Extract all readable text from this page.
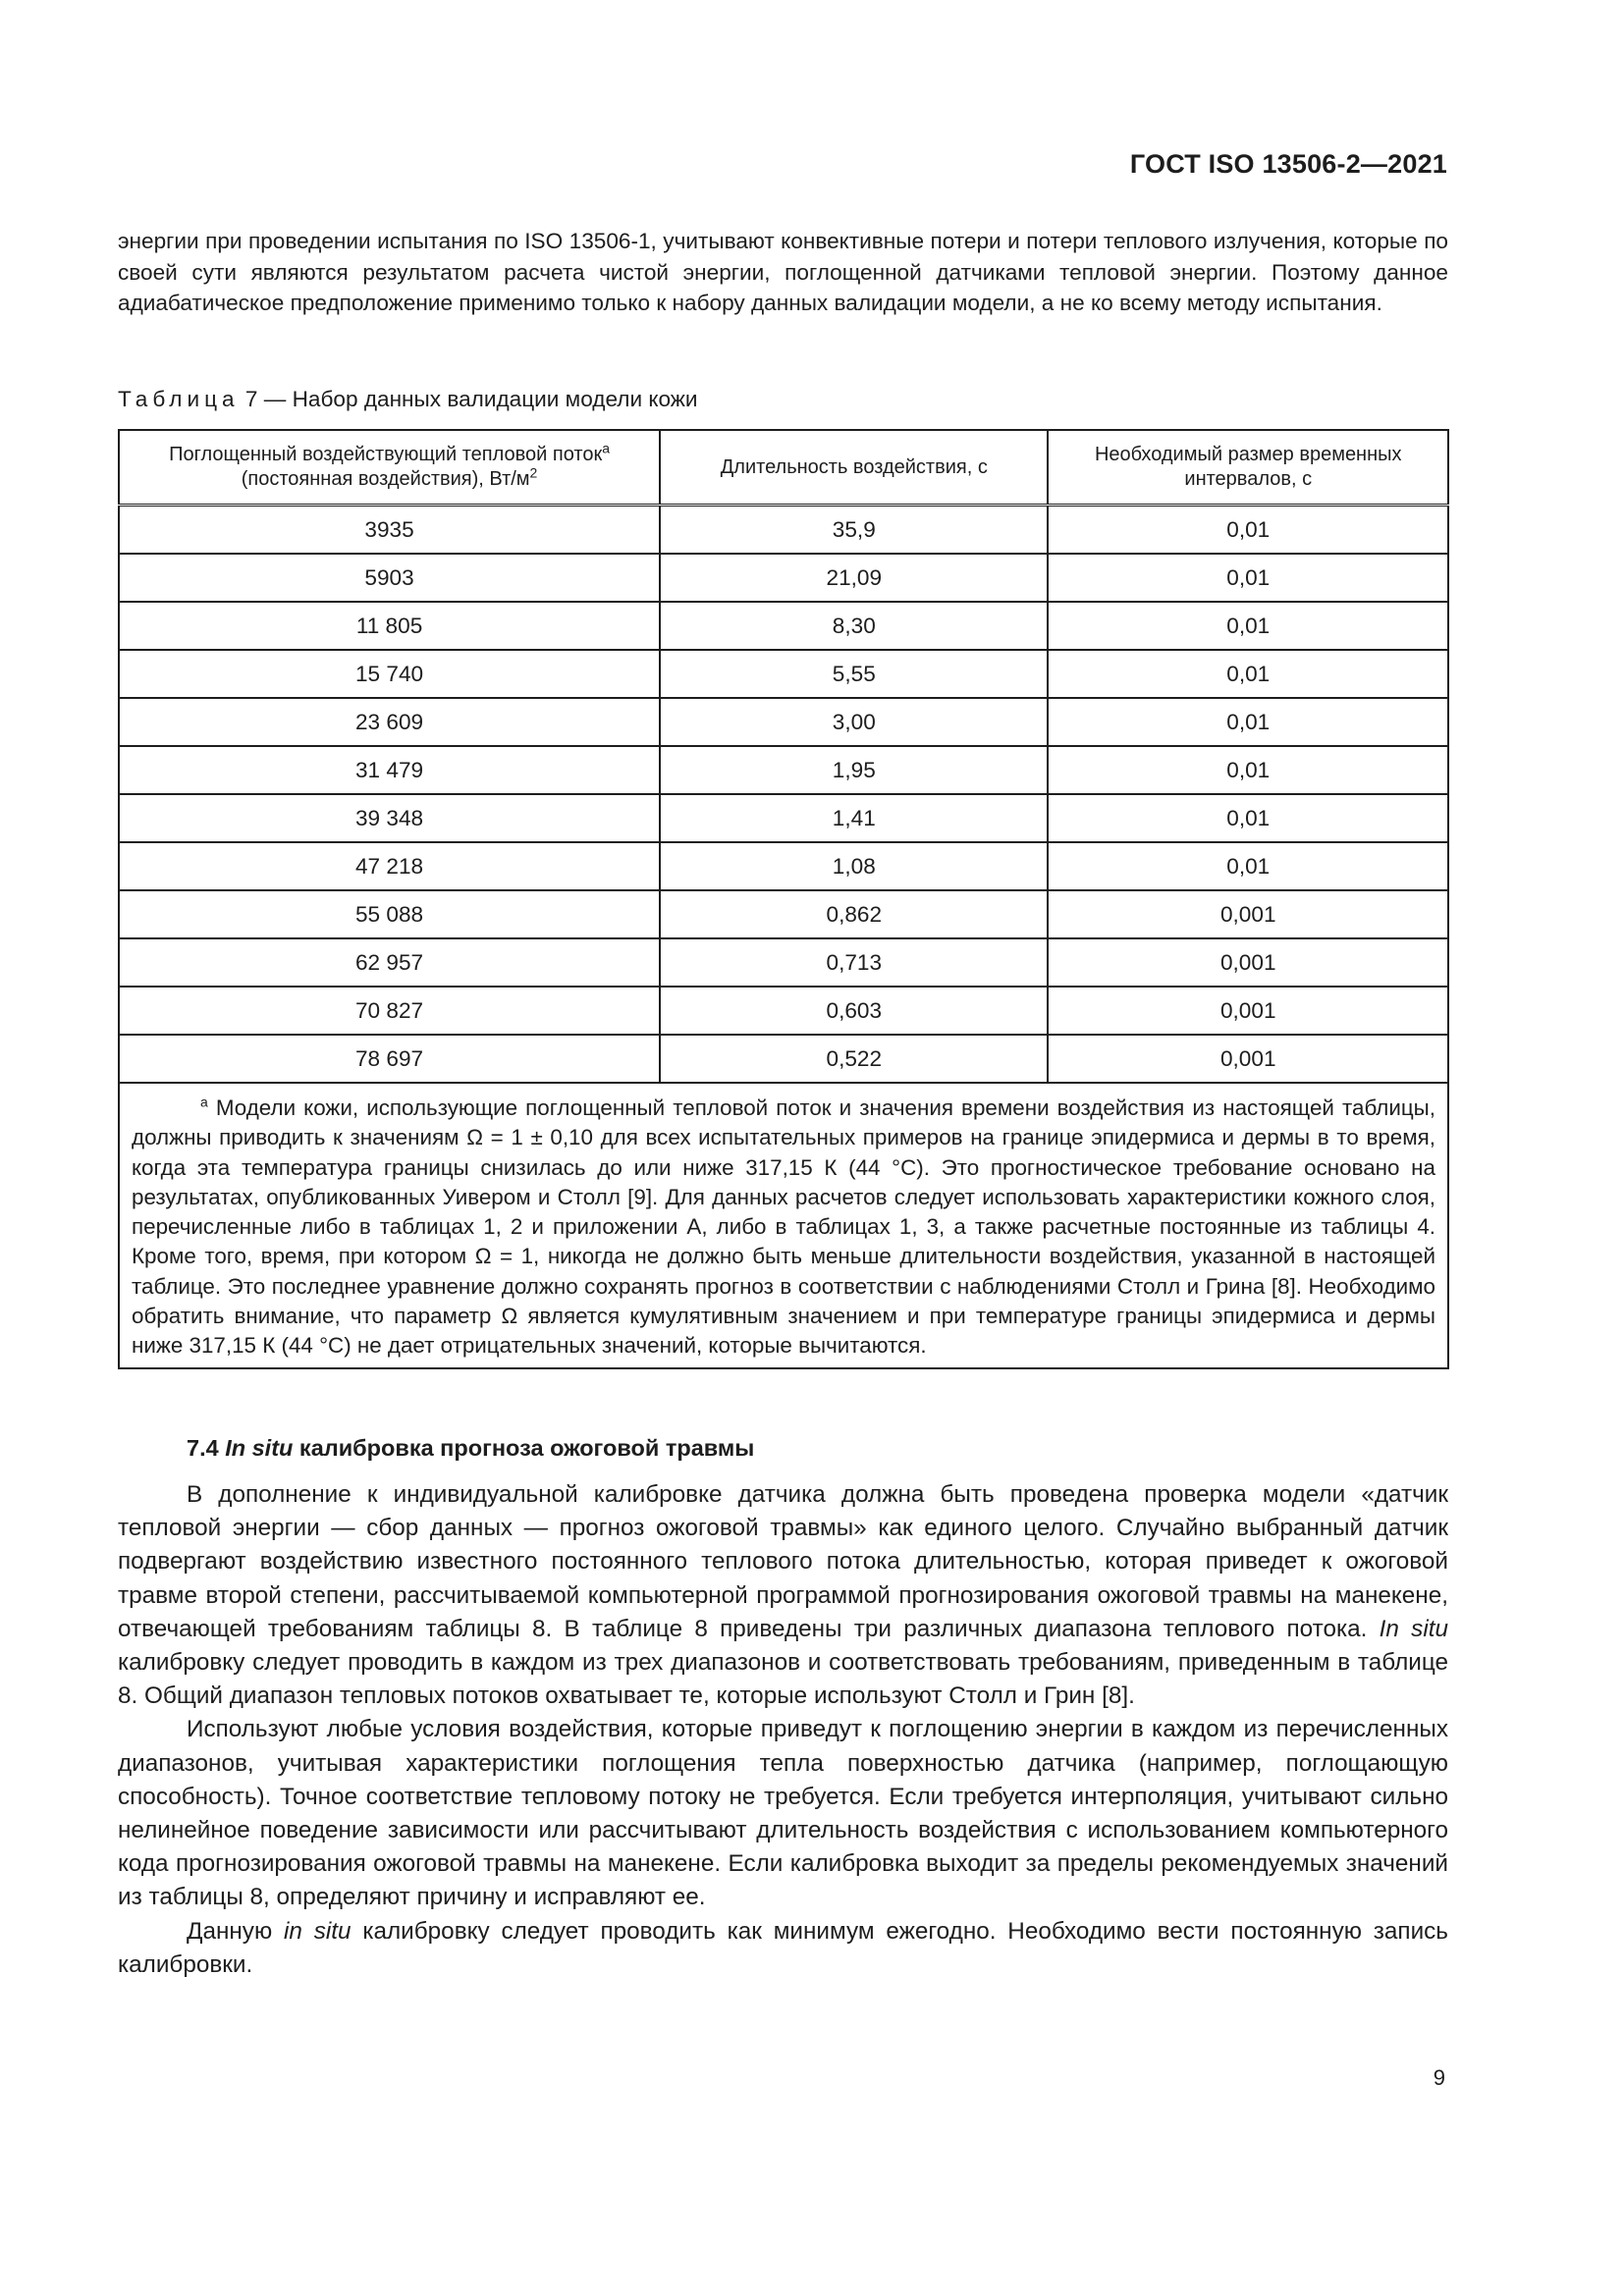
ГОСТ ISO 13506-2—2021

энергии при проведении испытания по ISO 13506-1, учитывают конвективные потери и потери теплового излучения, которые по своей сути являются результатом расчета чистой энергии, поглощенной датчиками тепловой энергии. Поэтому данное адиабатическое предположение применимо только к набору данных валидации модели, а не ко всему методу испытания.

Таблица 7 — Набор данных валидации модели кожи
Поглощенный воздействующий тепловой поток$^a$
(постоянная воздействия), $Вт/м^2$	Длительность воздействия, с	Необходимый размер временных интервалов, с
3935	35,9	0,01
5903	21,09	0,01
11 805	8,30	0,01
15 740	5,55	0,01
23 609	3,00	0,01
31 479	1,95	0,01
39 348	1,41	0,01
47 218	1,08	0,01
55 088	0,862	0,001
62 957	0,713	0,001
70 827	0,603	0,001
78 697	0,522	0,001
$^a$ Модели кожи, использующие поглощенный тепловой поток и значения времени воздействия из настоящей таблицы, должны приводить к значениям Ω = 1 ± 0,10 для всех испытательных примеров на границе эпидермиса и дермы в то время, когда эта температура границы снизилась до или ниже 317,15 К (44 °С). Это прогностическое требование основано на результатах, опубликованных Уивером и Столл [9]. Для данных расчетов следует использовать характеристики кожного слоя, перечисленные либо в таблицах 1, 2 и приложении А, либо в таблицах 1, 3, а также расчетные постоянные из таблицы 4. Кроме того, время, при котором Ω = 1, никогда не должно быть меньше длительности воздействия, указанной в настоящей таблице. Это последнее уравнение должно сохранять прогноз в соответствии с наблюдениями Столл и Грина [8]. Необходимо обратить внимание, что параметр Ω является кумулятивным значением и при температуре границы эпидермиса и дермы ниже 317,15 К (44 °С) не дает отрицательных значений, которые вычитаются.		
7.4 In situ калибровка прогноза ожоговой травмы

В дополнение к индивидуальной калибровке датчика должна быть проведена проверка модели «датчик тепловой энергии — сбор данных — прогноз ожоговой травмы» как единого целого. Случайно выбранный датчик подвергают воздействию известного постоянного теплового потока длительностью, которая приведет к ожоговой травме второй степени, рассчитываемой компьютерной программой прогнозирования ожоговой травмы на манекене, отвечающей требованиям таблицы 8. В таблице 8 приведены три различных диапазона теплового потока. In situ калибровку следует проводить в каждом из трех диапазонов и соответствовать требованиям, приведенным в таблице 8. Общий диапазон тепловых потоков охватывает те, которые используют Столл и Грин [8].

Используют любые условия воздействия, которые приведут к поглощению энергии в каждом из перечисленных диапазонов, учитывая характеристики поглощения тепла поверхностью датчика (например, поглощающую способность). Точное соответствие тепловому потоку не требуется. Если требуется интерполяция, учитывают сильно нелинейное поведение зависимости или рассчитывают длительность воздействия с использованием компьютерного кода прогнозирования ожоговой травмы на манекене. Если калибровка выходит за пределы рекомендуемых значений из таблицы 8, определяют причину и исправляют ее.

Данную in situ калибровку следует проводить как минимум ежегодно. Необходимо вести постоянную запись калибровки.

9
